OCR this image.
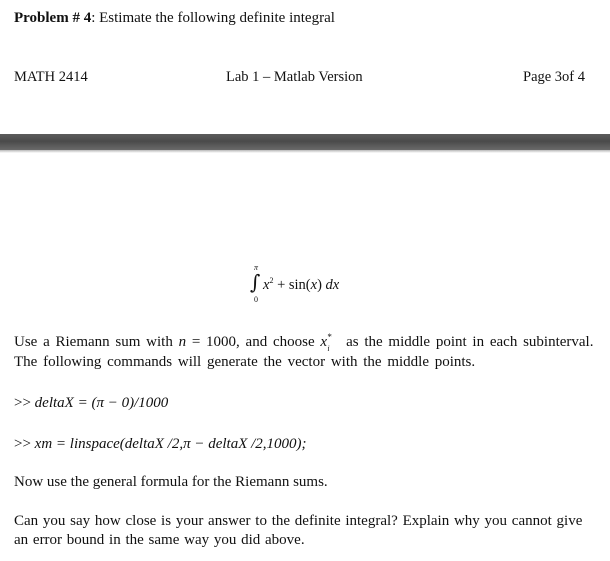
Problem # 4: Estimate the following definite integral
MATH 2414	Lab 1 – Matlab Version	Page 3of 4
π
∫
0
$x^2 + \sin(x)$ dx
Use a Riemann sum with n = 1000, and choose x *
i as the middle point in each subinterval. The following commands will generate the vector with the middle points.
>> deltaX = (π − 0)/1000
>> xm = linspace(deltaX /2,π − deltaX /2,1000);
Now use the general formula for the Riemann sums.
Can you say how close is your answer to the definite integral? Explain why you cannot give an error bound in the same way you did above.
